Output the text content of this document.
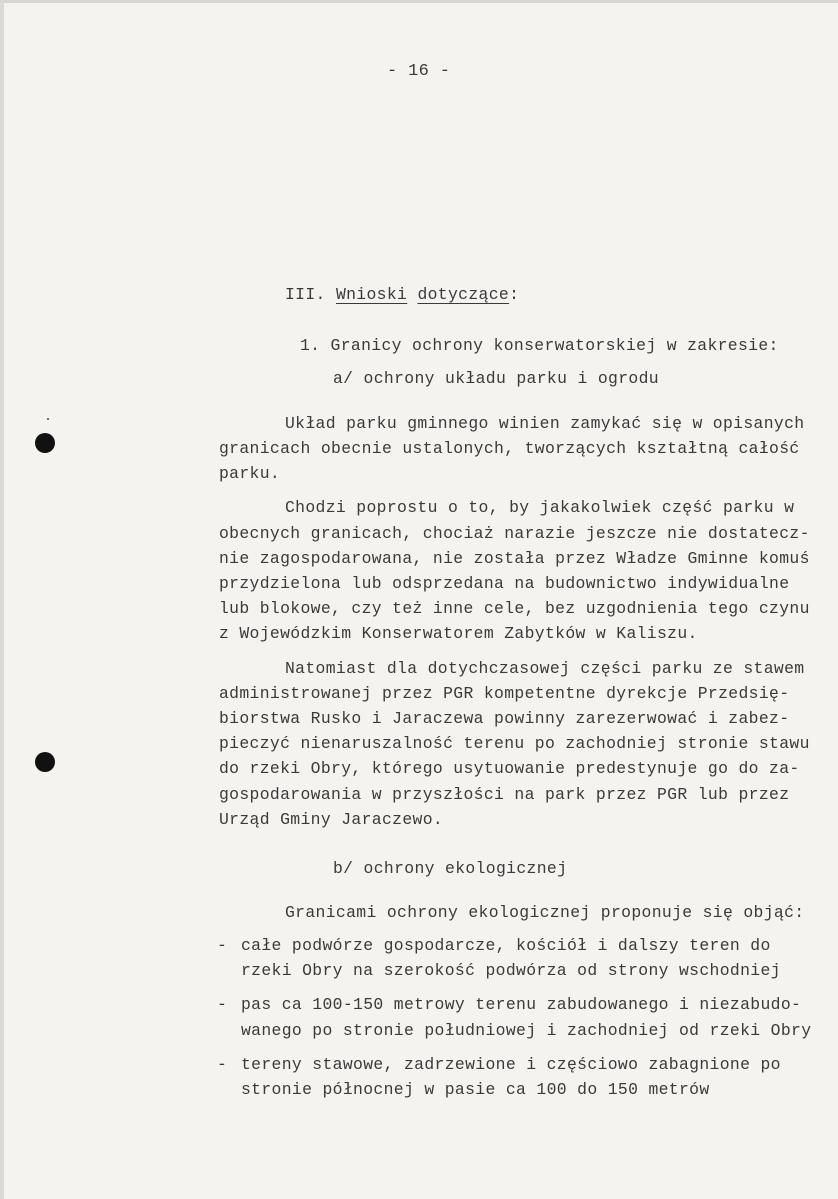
- 16 -

III. Wnioski dotyczące:

1. Granicy ochrony konserwatorskiej w zakresie:

a/ ochrony układu parku i ogrodu

Układ parku gminnego winien zamykać się w opisanych

granicach obecnie ustalonych, tworzących kształtną całość

parku.

Chodzi poprostu o to, by jakakolwiek część parku w

obecnych granicach, chociaż narazie jeszcze nie dostatecz-

nie zagospodarowana, nie została przez Władze Gminne komuś

przydzielona lub odsprzedana na budownictwo indywidualne

lub blokowe, czy też inne cele, bez uzgodnienia tego czynu

z Wojewódzkim Konserwatorem Zabytków w Kaliszu.

Natomiast dla dotychczasowej części parku ze stawem

administrowanej przez PGR kompetentne dyrekcje Przedsię-

biorstwa Rusko i Jaraczewa powinny zarezerwować i zabez-

pieczyć nienaruszalność terenu po zachodniej stronie stawu

do rzeki Obry, którego usytuowanie predestynuje go do za-

gospodarowania w przyszłości na park przez PGR lub przez

Urząd Gminy Jaraczewo.

b/ ochrony ekologicznej

Granicami ochrony ekologicznej proponuje się objąć:

- całe podwórze gospodarcze, kościół i dalszy teren do

rzeki Obry na szerokość podwórza od strony wschodniej

- pas ca 100-150 metrowy terenu zabudowanego i niezabudo-

wanego po stronie południowej i zachodniej od rzeki Obry

- tereny stawowe, zadrzewione i częściowo zabagnione po

stronie północnej w pasie ca 100 do 150 metrów
